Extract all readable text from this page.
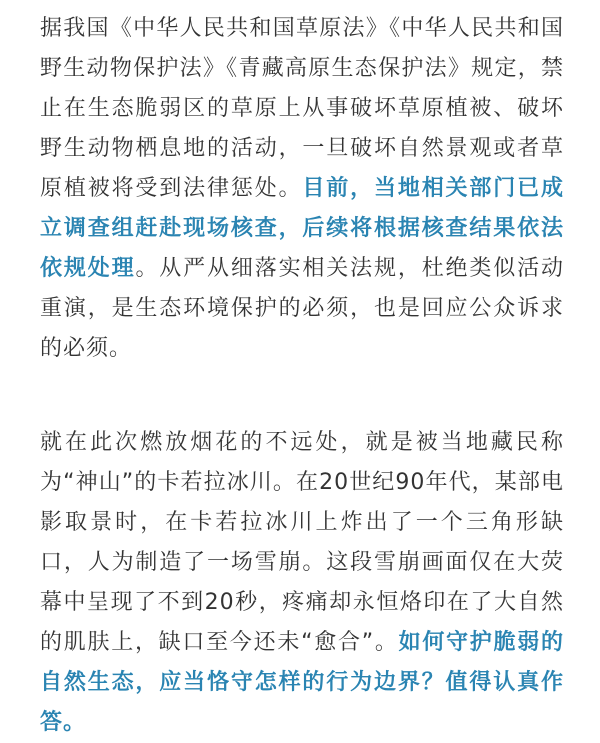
据我国《中华人民共和国草原法》《中华人民共和国野生动物保护法》《青藏高原生态保护法》规定，禁止在生态脆弱区的草原上从事破坏草原植被、破坏野生动物栖息地的活动，一旦破坏自然景观或者草原植被将受到法律惩处。目前，当地相关部门已成立调查组赶赴现场核查，后续将根据核查结果依法依规处理。从严从细落实相关法规，杜绝类似活动重演，是生态环境保护的必须，也是回应公众诉求的必须。

就在此次燃放烟花的不远处，就是被当地藏民称为“神山”的卡若拉冰川。在20世纪90年代，某部电影取景时，在卡若拉冰川上炸出了一个三角形缺口，人为制造了一场雪崩。这段雪崩画面仅在大荧幕中呈现了不到20秒，疼痛却永恒烙印在了大自然的肌肤上，缺口至今还未“愈合”。如何守护脆弱的自然生态，应当恪守怎样的行为边界？值得认真作答。
